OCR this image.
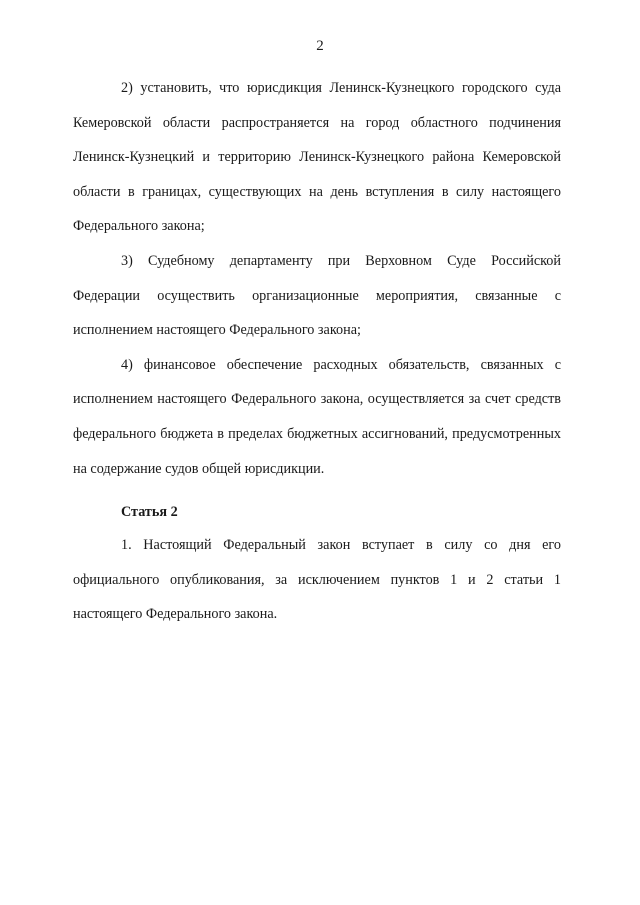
2

2) установить, что юрисдикция Ленинск-Кузнецкого городского суда Кемеровской области распространяется на город областного подчинения Ленинск-Кузнецкий и территорию Ленинск-Кузнецкого района Кемеровской области в границах, существующих на день вступления в силу настоящего Федерального закона;

3) Судебному департаменту при Верховном Суде Российской Федерации осуществить организационные мероприятия, связанные с исполнением настоящего Федерального закона;

4) финансовое обеспечение расходных обязательств, связанных с исполнением настоящего Федерального закона, осуществляется за счет средств федерального бюджета в пределах бюджетных ассигнований, предусмотренных на содержание судов общей юрисдикции.

Статья 2

1. Настоящий Федеральный закон вступает в силу со дня его официального опубликования, за исключением пунктов 1 и 2 статьи 1 настоящего Федерального закона.
